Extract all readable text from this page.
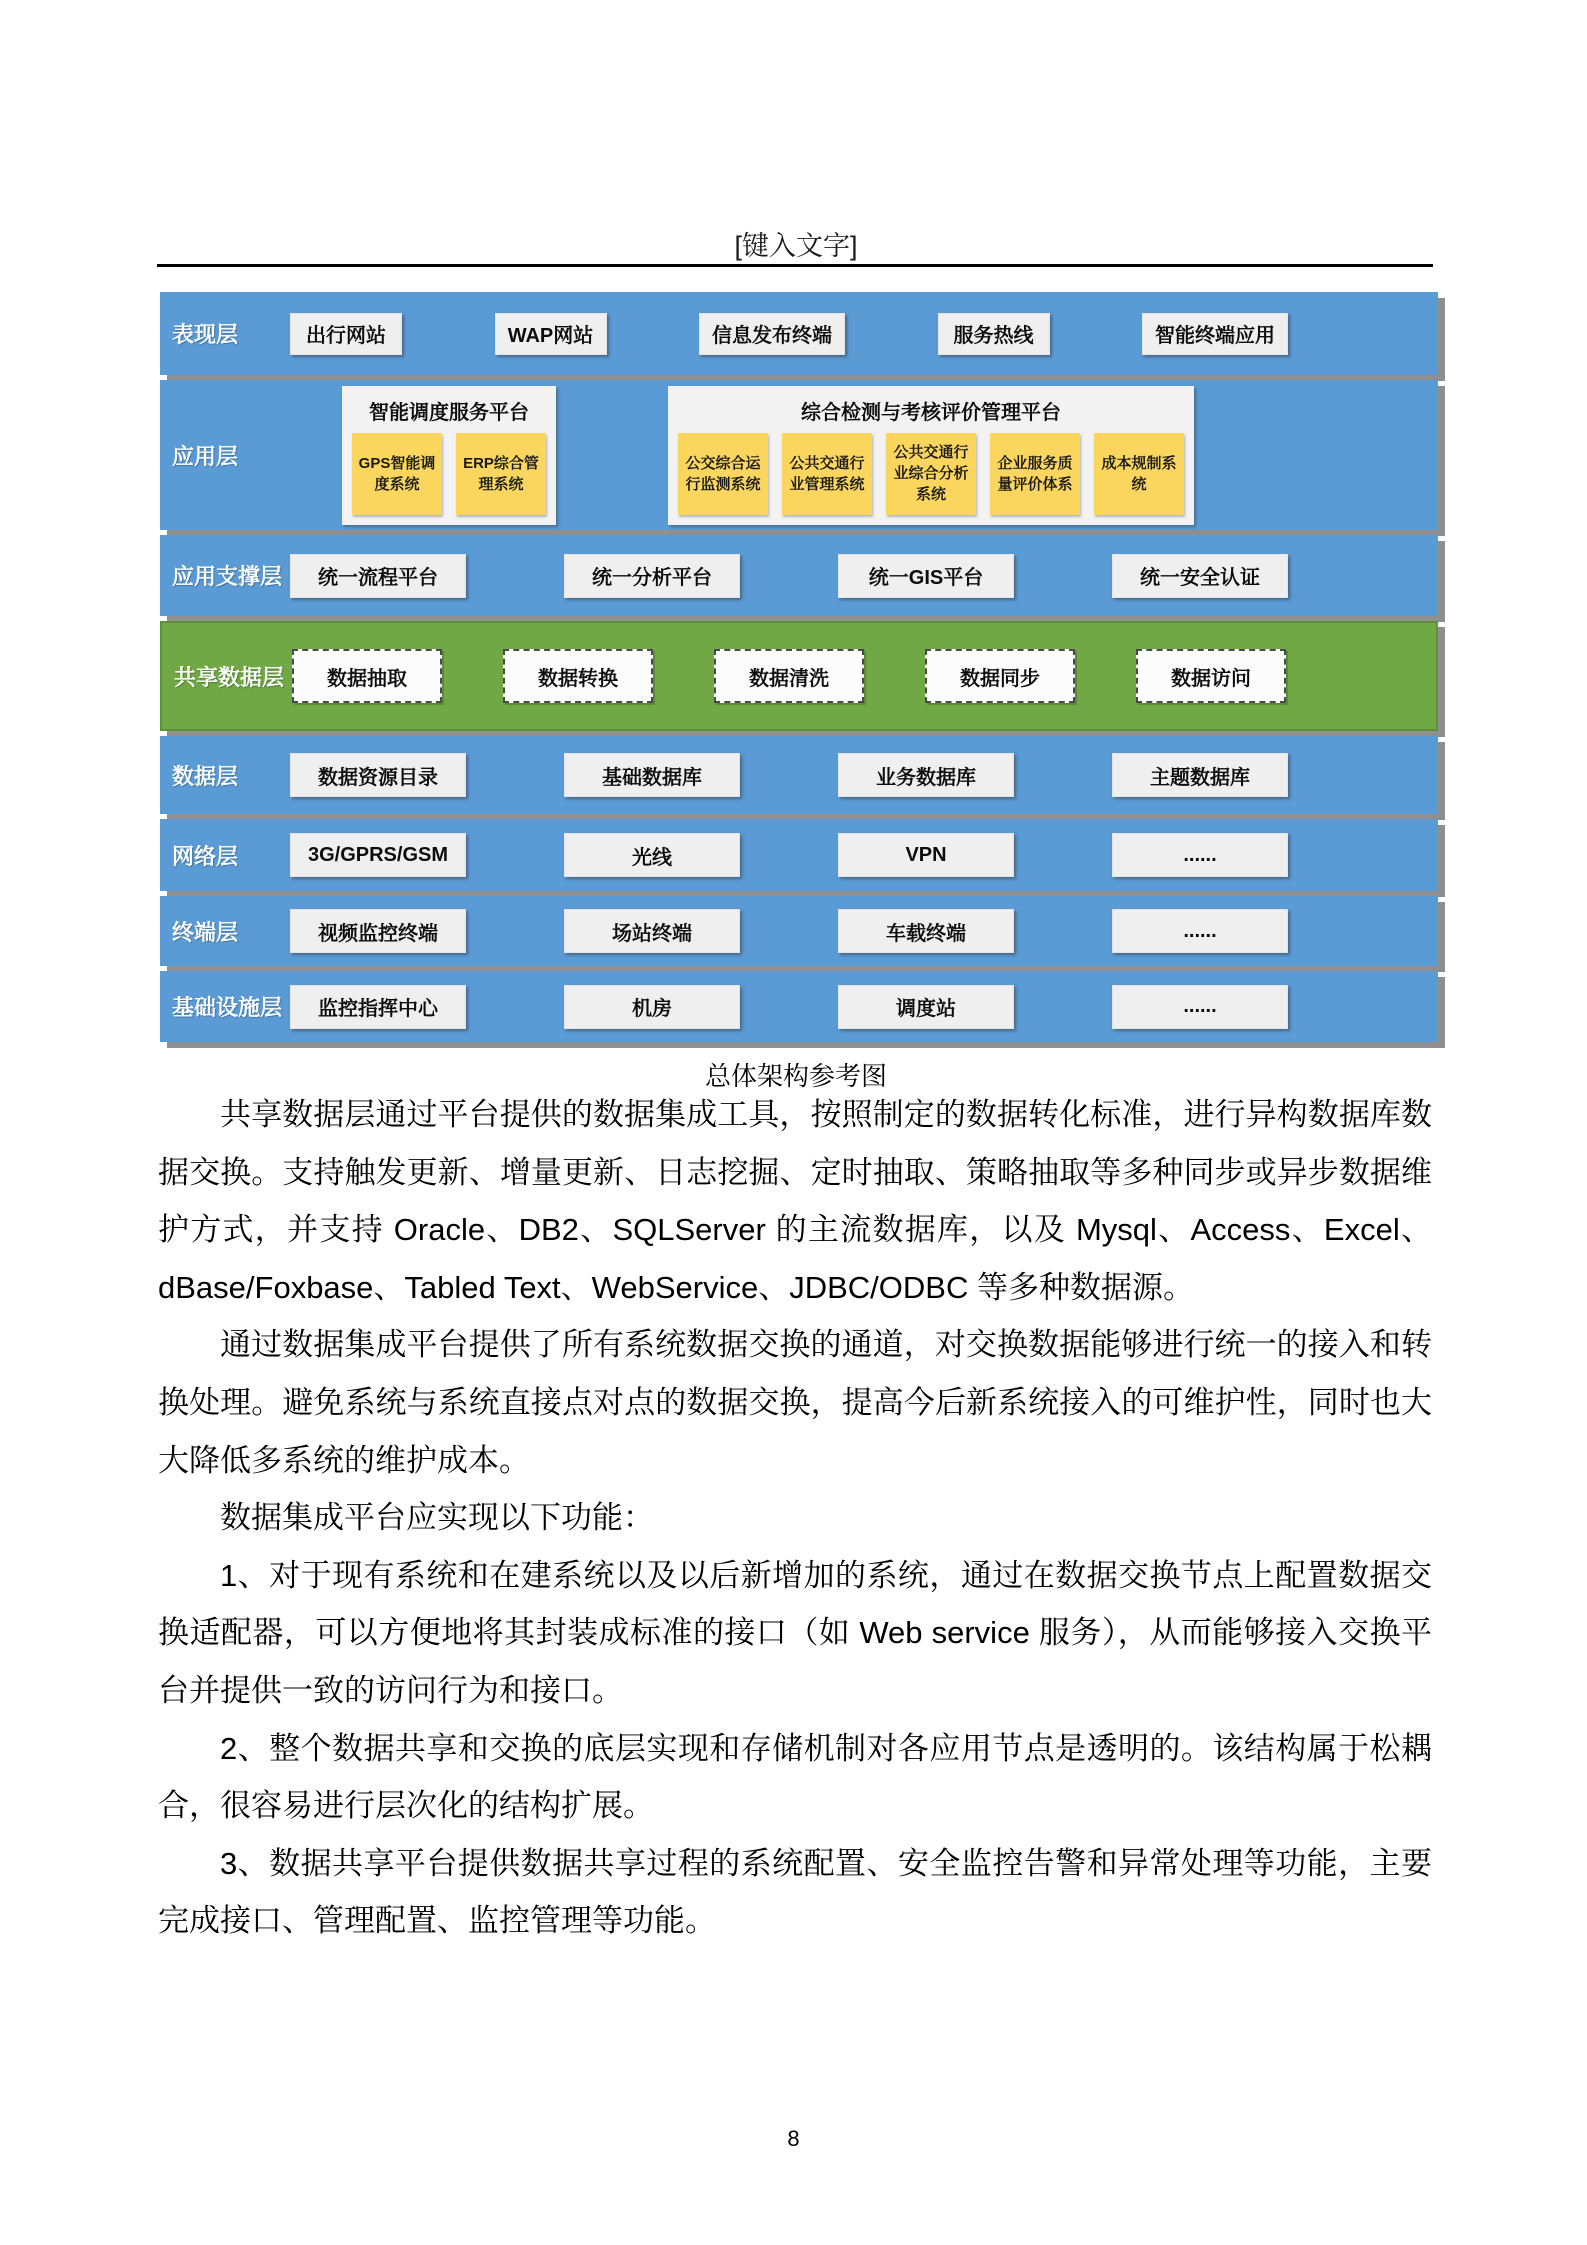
[键入文字]
表现层	出行网站	WAP网站	信息发布终端	服务热线	智能终端应用
应用层
智能调度服务平台
GPS智能调度系统
ERP综合管理系统
综合检测与考核评价管理平台
公交综合运行监测系统
公共交通行业管理系统
公共交通行业综合分析系统
企业服务质量评价体系
成本规制系统
应用支撑层	统一流程平台	统一分析平台	统一GIS平台	统一安全认证
共享数据层	数据抽取	数据转换	数据清洗	数据同步	数据访问
数据层	数据资源目录	基础数据库	业务数据库	主题数据库
网络层	3G/GPRS/GSM	光线	VPN	......
终端层	视频监控终端	场站终端	车载终端	......
基础设施层	监控指挥中心	机房	调度站	......
总体架构参考图

共享数据层通过平台提供的数据集成工具，按照制定的数据转化标准，进行异构数据库数据交换。支持触发更新、增量更新、日志挖掘、定时抽取、策略抽取等多种同步或异步数据维护方式，并支持 Oracle、DB2、SQLServer 的主流数据库，以及 Mysql、Access、Excel、dBase/Foxbase、Tabled Text、WebService、JDBC/ODBC 等多种数据源。

通过数据集成平台提供了所有系统数据交换的通道，对交换数据能够进行统一的接入和转换处理。避免系统与系统直接点对点的数据交换，提高今后新系统接入的可维护性，同时也大大降低多系统的维护成本。

数据集成平台应实现以下功能：

1、对于现有系统和在建系统以及以后新增加的系统，通过在数据交换节点上配置数据交换适配器，可以方便地将其封装成标准的接口（如 Web service 服务），从而能够接入交换平台并提供一致的访问行为和接口。

2、整个数据共享和交换的底层实现和存储机制对各应用节点是透明的。该结构属于松耦合，很容易进行层次化的结构扩展。

3、数据共享平台提供数据共享过程的系统配置、安全监控告警和异常处理等功能，主要完成接口、管理配置、监控管理等功能。

8
